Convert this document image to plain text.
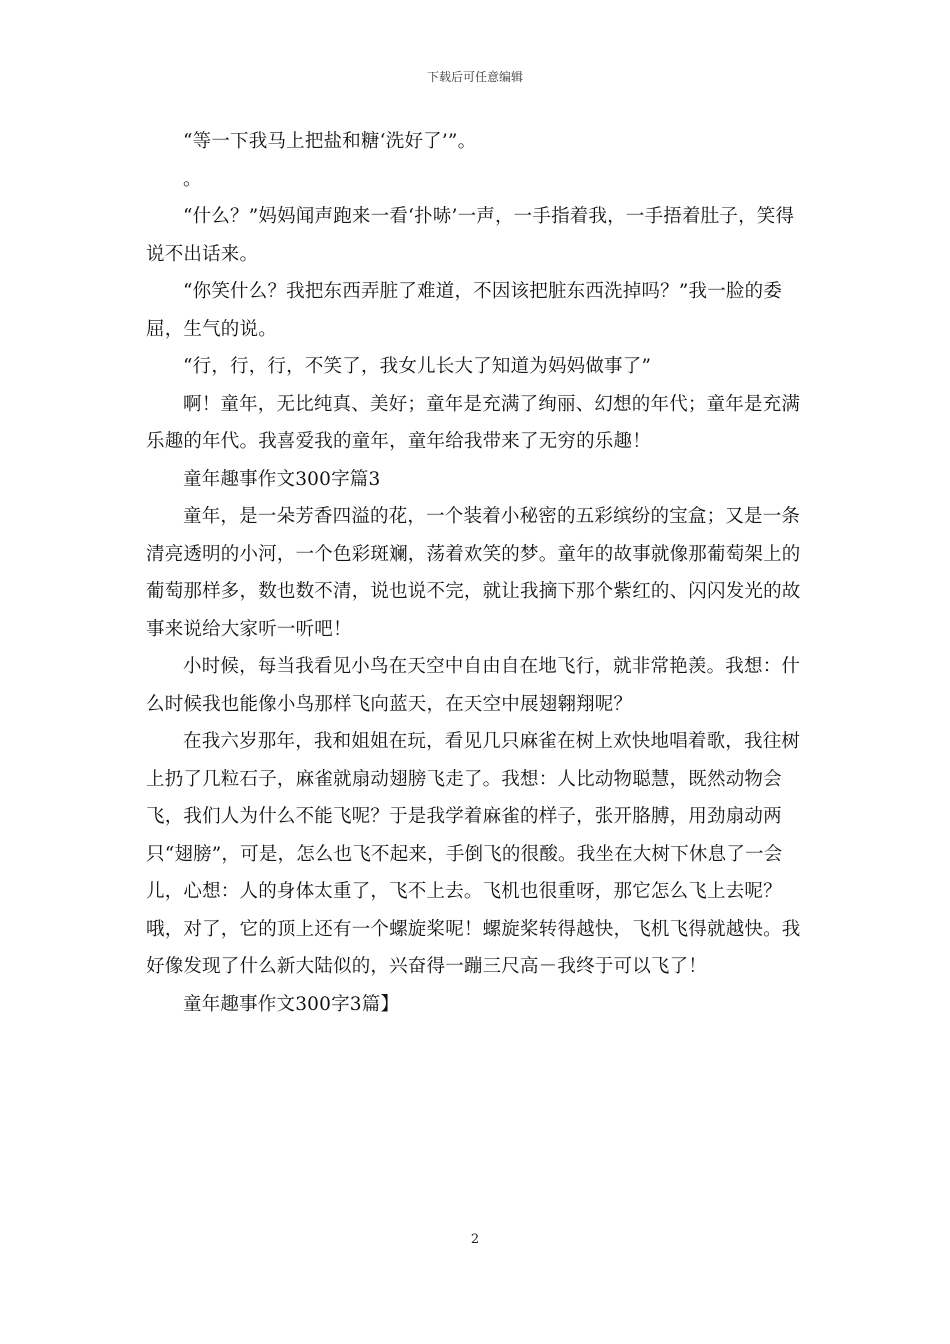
下载后可任意编辑

“等一下我马上把盐和糖‘洗好了’”。

。

“什么？”妈妈闻声跑来一看‘扑哧’一声，一手指着我，一手捂着肚子，笑得说不出话来。

“你笑什么？我把东西弄脏了难道，不因该把脏东西洗掉吗？”我一脸的委屈，生气的说。

“行，行，行，不笑了，我女儿长大了知道为妈妈做事了”

啊！童年，无比纯真、美好；童年是充满了绚丽、幻想的年代；童年是充满乐趣的年代。我喜爱我的童年，童年给我带来了无穷的乐趣！

童年趣事作文300字篇3

童年，是一朵芳香四溢的花，一个装着小秘密的五彩缤纷的宝盒；又是一条清亮透明的小河，一个色彩斑斓，荡着欢笑的梦。童年的故事就像那葡萄架上的葡萄那样多，数也数不清，说也说不完，就让我摘下那个紫红的、闪闪发光的故事来说给大家听一听吧！

小时候，每当我看见小鸟在天空中自由自在地飞行，就非常艳羡。我想：什么时候我也能像小鸟那样飞向蓝天，在天空中展翅翱翔呢？

在我六岁那年，我和姐姐在玩，看见几只麻雀在树上欢快地唱着歌，我往树上扔了几粒石子，麻雀就扇动翅膀飞走了。我想：人比动物聪慧，既然动物会飞，我们人为什么不能飞呢？于是我学着麻雀的样子，张开胳膊，用劲扇动两只“翅膀”，可是，怎么也飞不起来，手倒飞的很酸。我坐在大树下休息了一会儿，心想：人的身体太重了，飞不上去。飞机也很重呀，那它怎么飞上去呢？哦，对了，它的顶上还有一个螺旋桨呢！螺旋桨转得越快，飞机飞得就越快。我好像发现了什么新大陆似的，兴奋得一蹦三尺高－我终于可以飞了！

童年趣事作文300字3篇】

2
